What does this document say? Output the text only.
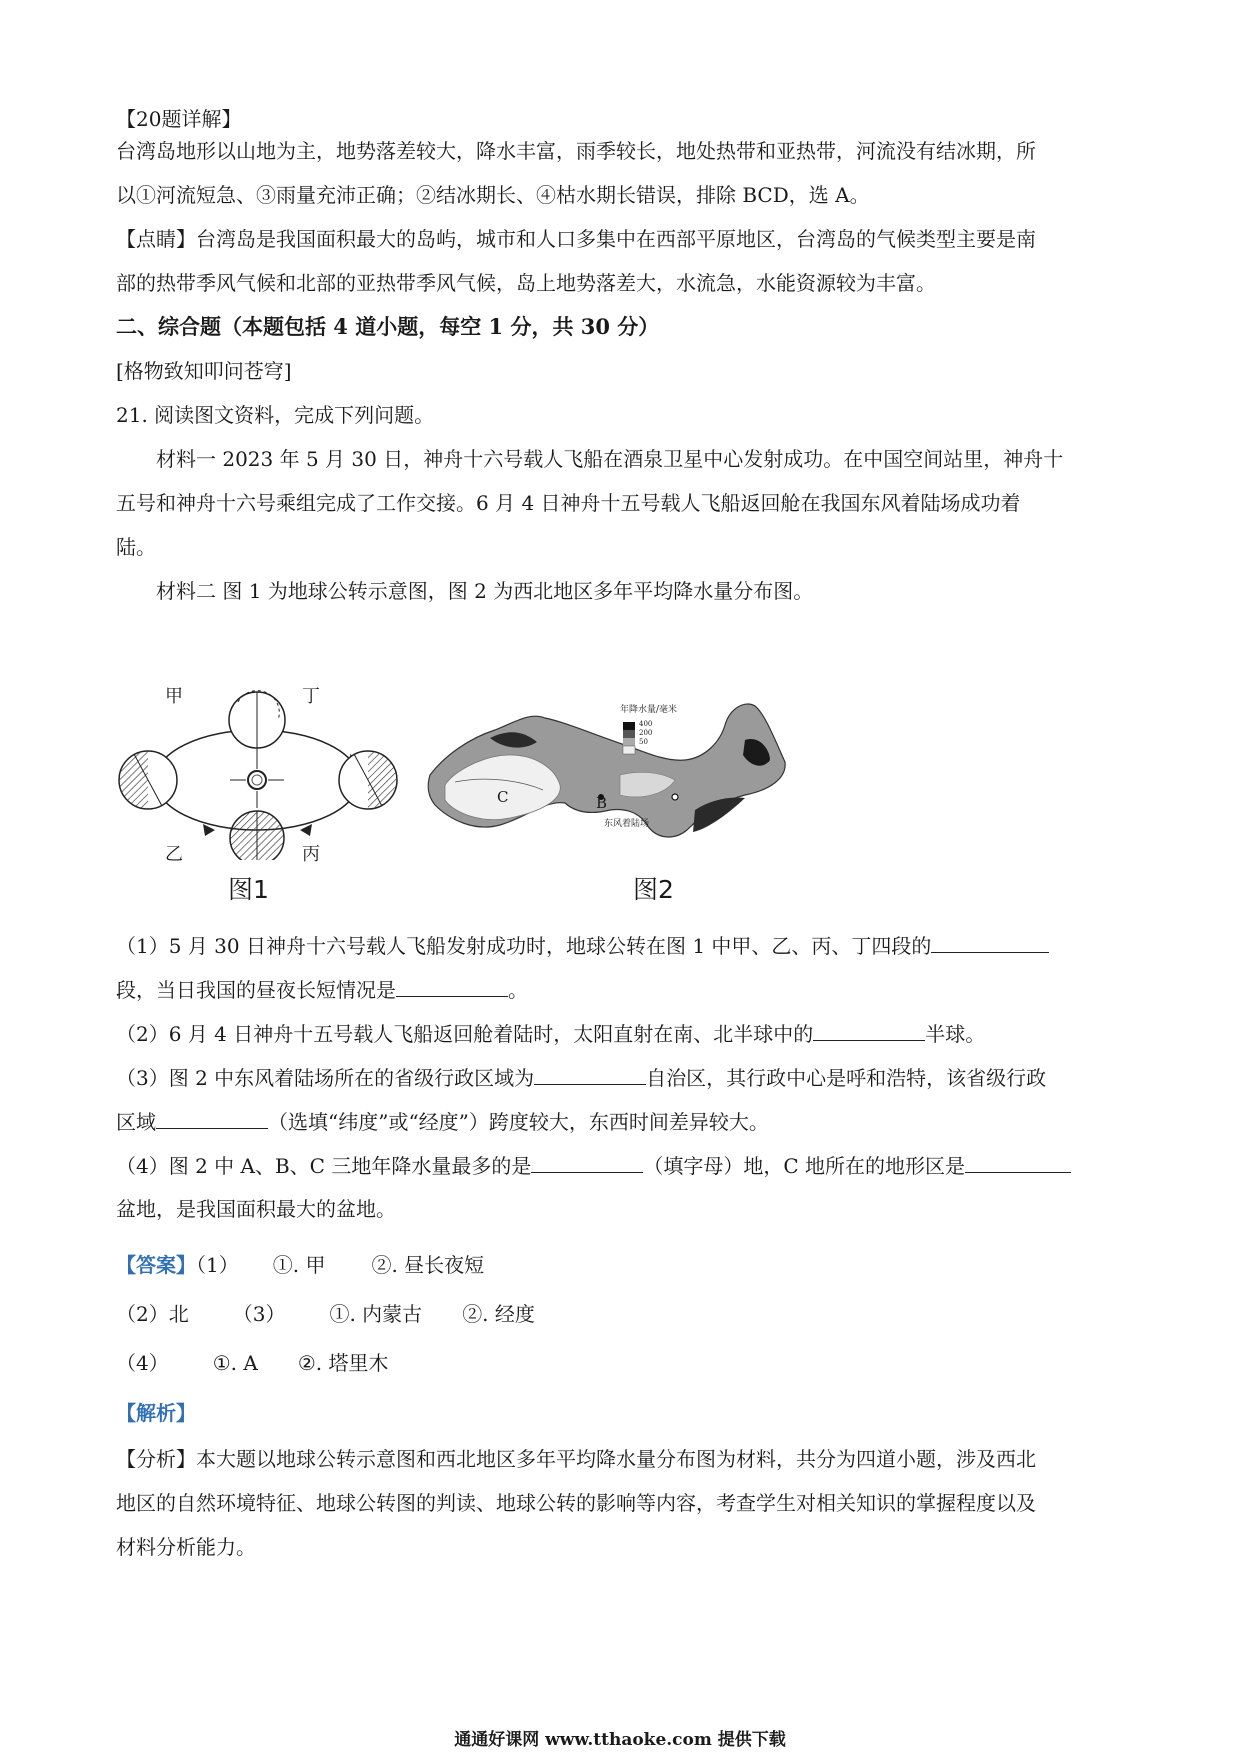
【20题详解】
台湾岛地形以山地为主，地势落差较大，降水丰富，雨季较长，地处热带和亚热带，河流没有结冰期，所
以①河流短急、③雨量充沛正确；②结冰期长、④枯水期长错误，排除 BCD，选 A。
【点睛】台湾岛是我国面积最大的岛屿，城市和人口多集中在西部平原地区，台湾岛的气候类型主要是南
部的热带季风气候和北部的亚热带季风气候，岛上地势落差大，水流急，水能资源较为丰富。
二、综合题（本题包括 4 道小题，每空 1 分，共 30 分）
[格物致知叩问苍穹]
21. 阅读图文资料，完成下列问题。
材料一 2023 年 5 月 30 日，神舟十六号载人飞船在酒泉卫星中心发射成功。在中国空间站里，神舟十
五号和神舟十六号乘组完成了工作交接。6 月 4 日神舟十五号载人飞船返回舱在我国东风着陆场成功着
陆。
材料二 图 1 为地球公转示意图，图 2 为西北地区多年平均降水量分布图。
甲	丁
乙	丙
图1
年降水量/毫米
400
200
50
C	B
A
东风着陆场
图2
（1）5 月 30 日神舟十六号载人飞船发射成功时，地球公转在图 1 中甲、乙、丙、丁四段的
段，当日我国的昼夜长短情况是	。
（2）6 月 4 日神舟十五号载人飞船返回舱着陆时，太阳直射在南、北半球中的	半球。
（3）图 2 中东风着陆场所在的省级行政区域为	自治区，其行政中心是呼和浩特，该省级行政
区域	（选填“纬度”或“经度”）跨度较大，东西时间差异较大。
（4）图 2 中 A、B、C 三地年降水量最多的是	（填字母）地，C 地所在的地形区是
盆地，是我国面积最大的盆地。
【答案】（1） ①. 甲 ②. 昼长夜短
（2）北 （3） ①. 内蒙古 ②. 经度
（4） ①. A ②. 塔里木
【解析】
【分析】本大题以地球公转示意图和西北地区多年平均降水量分布图为材料，共分为四道小题，涉及西北
地区的自然环境特征、地球公转图的判读、地球公转的影响等内容，考查学生对相关知识的掌握程度以及
材料分析能力。
通通好课网 www.tthaoke.com 提供下载
